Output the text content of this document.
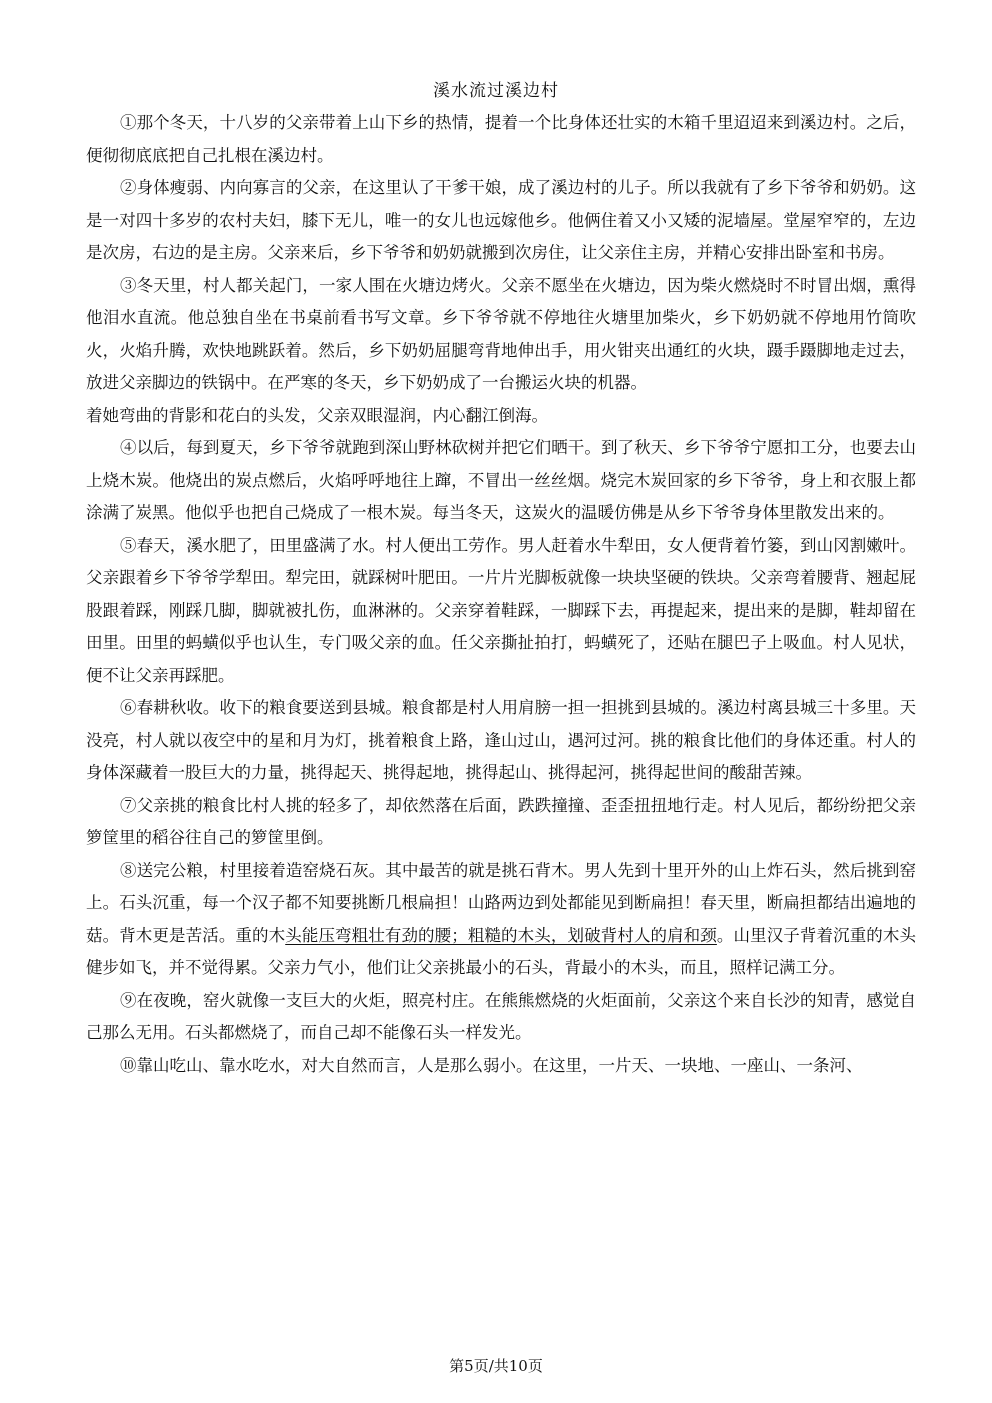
溪水流过溪边村

①那个冬天，十八岁的父亲带着上山下乡的热情，提着一个比身体还壮实的木箱千里迢迢来到溪边村。之后，便彻彻底底把自己扎根在溪边村。

②身体瘦弱、内向寡言的父亲，在这里认了干爹干娘，成了溪边村的儿子。所以我就有了乡下爷爷和奶奶。这是一对四十多岁的农村夫妇，膝下无儿，唯一的女儿也远嫁他乡。他俩住着又小又矮的泥墙屋。堂屋窄窄的，左边是次房，右边的是主房。父亲来后，乡下爷爷和奶奶就搬到次房住，让父亲住主房，并精心安排出卧室和书房。

③冬天里，村人都关起门，一家人围在火塘边烤火。父亲不愿坐在火塘边，因为柴火燃烧时不时冒出烟，熏得他泪水直流。他总独自坐在书桌前看书写文章。乡下爷爷就不停地往火塘里加柴火，乡下奶奶就不停地用竹筒吹火，火焰升腾，欢快地跳跃着。然后，乡下奶奶屈腿弯背地伸出手，用火钳夹出通红的火块，蹑手蹑脚地走过去，放进父亲脚边的铁锅中。在严寒的冬天，乡下奶奶成了一台搬运火块的机器。

着她弯曲的背影和花白的头发，父亲双眼湿润，内心翻江倒海。

④以后，每到夏天，乡下爷爷就跑到深山野林砍树并把它们晒干。到了秋天、乡下爷爷宁愿扣工分，也要去山上烧木炭。他烧出的炭点燃后，火焰呼呼地往上蹿，不冒出一丝丝烟。烧完木炭回家的乡下爷爷，身上和衣服上都涂满了炭黑。他似乎也把自己烧成了一根木炭。每当冬天，这炭火的温暖仿佛是从乡下爷爷身体里散发出来的。

⑤春天，溪水肥了，田里盛满了水。村人便出工劳作。男人赶着水牛犁田，女人便背着竹篓，到山冈割嫩叶。父亲跟着乡下爷爷学犁田。犁完田，就踩树叶肥田。一片片光脚板就像一块块坚硬的铁块。父亲弯着腰背、翘起屁股跟着踩，刚踩几脚，脚就被扎伤，血淋淋的。父亲穿着鞋踩，一脚踩下去，再提起来，提出来的是脚，鞋却留在田里。田里的蚂蟥似乎也认生，专门吸父亲的血。任父亲撕扯拍打，蚂蟥死了，还贴在腿巴子上吸血。村人见状，便不让父亲再踩肥。

⑥春耕秋收。收下的粮食要送到县城。粮食都是村人用肩膀一担一担挑到县城的。溪边村离县城三十多里。天没亮，村人就以夜空中的星和月为灯，挑着粮食上路，逢山过山，遇河过河。挑的粮食比他们的身体还重。村人的身体深藏着一股巨大的力量，挑得起天、挑得起地，挑得起山、挑得起河，挑得起世间的酸甜苦辣。

⑦父亲挑的粮食比村人挑的轻多了，却依然落在后面，跌跌撞撞、歪歪扭扭地行走。村人见后，都纷纷把父亲箩筐里的稻谷往自己的箩筐里倒。

⑧送完公粮，村里接着造窑烧石灰。其中最苦的就是挑石背木。男人先到十里开外的山上炸石头，然后挑到窑上。石头沉重，每一个汉子都不知要挑断几根扁担！山路两边到处都能见到断扁担！春天里，断扁担都结出遍地的菇。背木更是苦活。重的木头能压弯粗壮有劲的腰；粗糙的木头，划破背村人的肩和颈。山里汉子背着沉重的木头健步如飞，并不觉得累。父亲力气小，他们让父亲挑最小的石头，背最小的木头，而且，照样记满工分。

⑨在夜晚，窑火就像一支巨大的火炬，照亮村庄。在熊熊燃烧的火炬面前，父亲这个来自长沙的知青，感觉自己那么无用。石头都燃烧了，而自己却不能像石头一样发光。

⑩靠山吃山、靠水吃水，对大自然而言，人是那么弱小。在这里，一片天、一块地、一座山、一条河、

第5页/共10页
